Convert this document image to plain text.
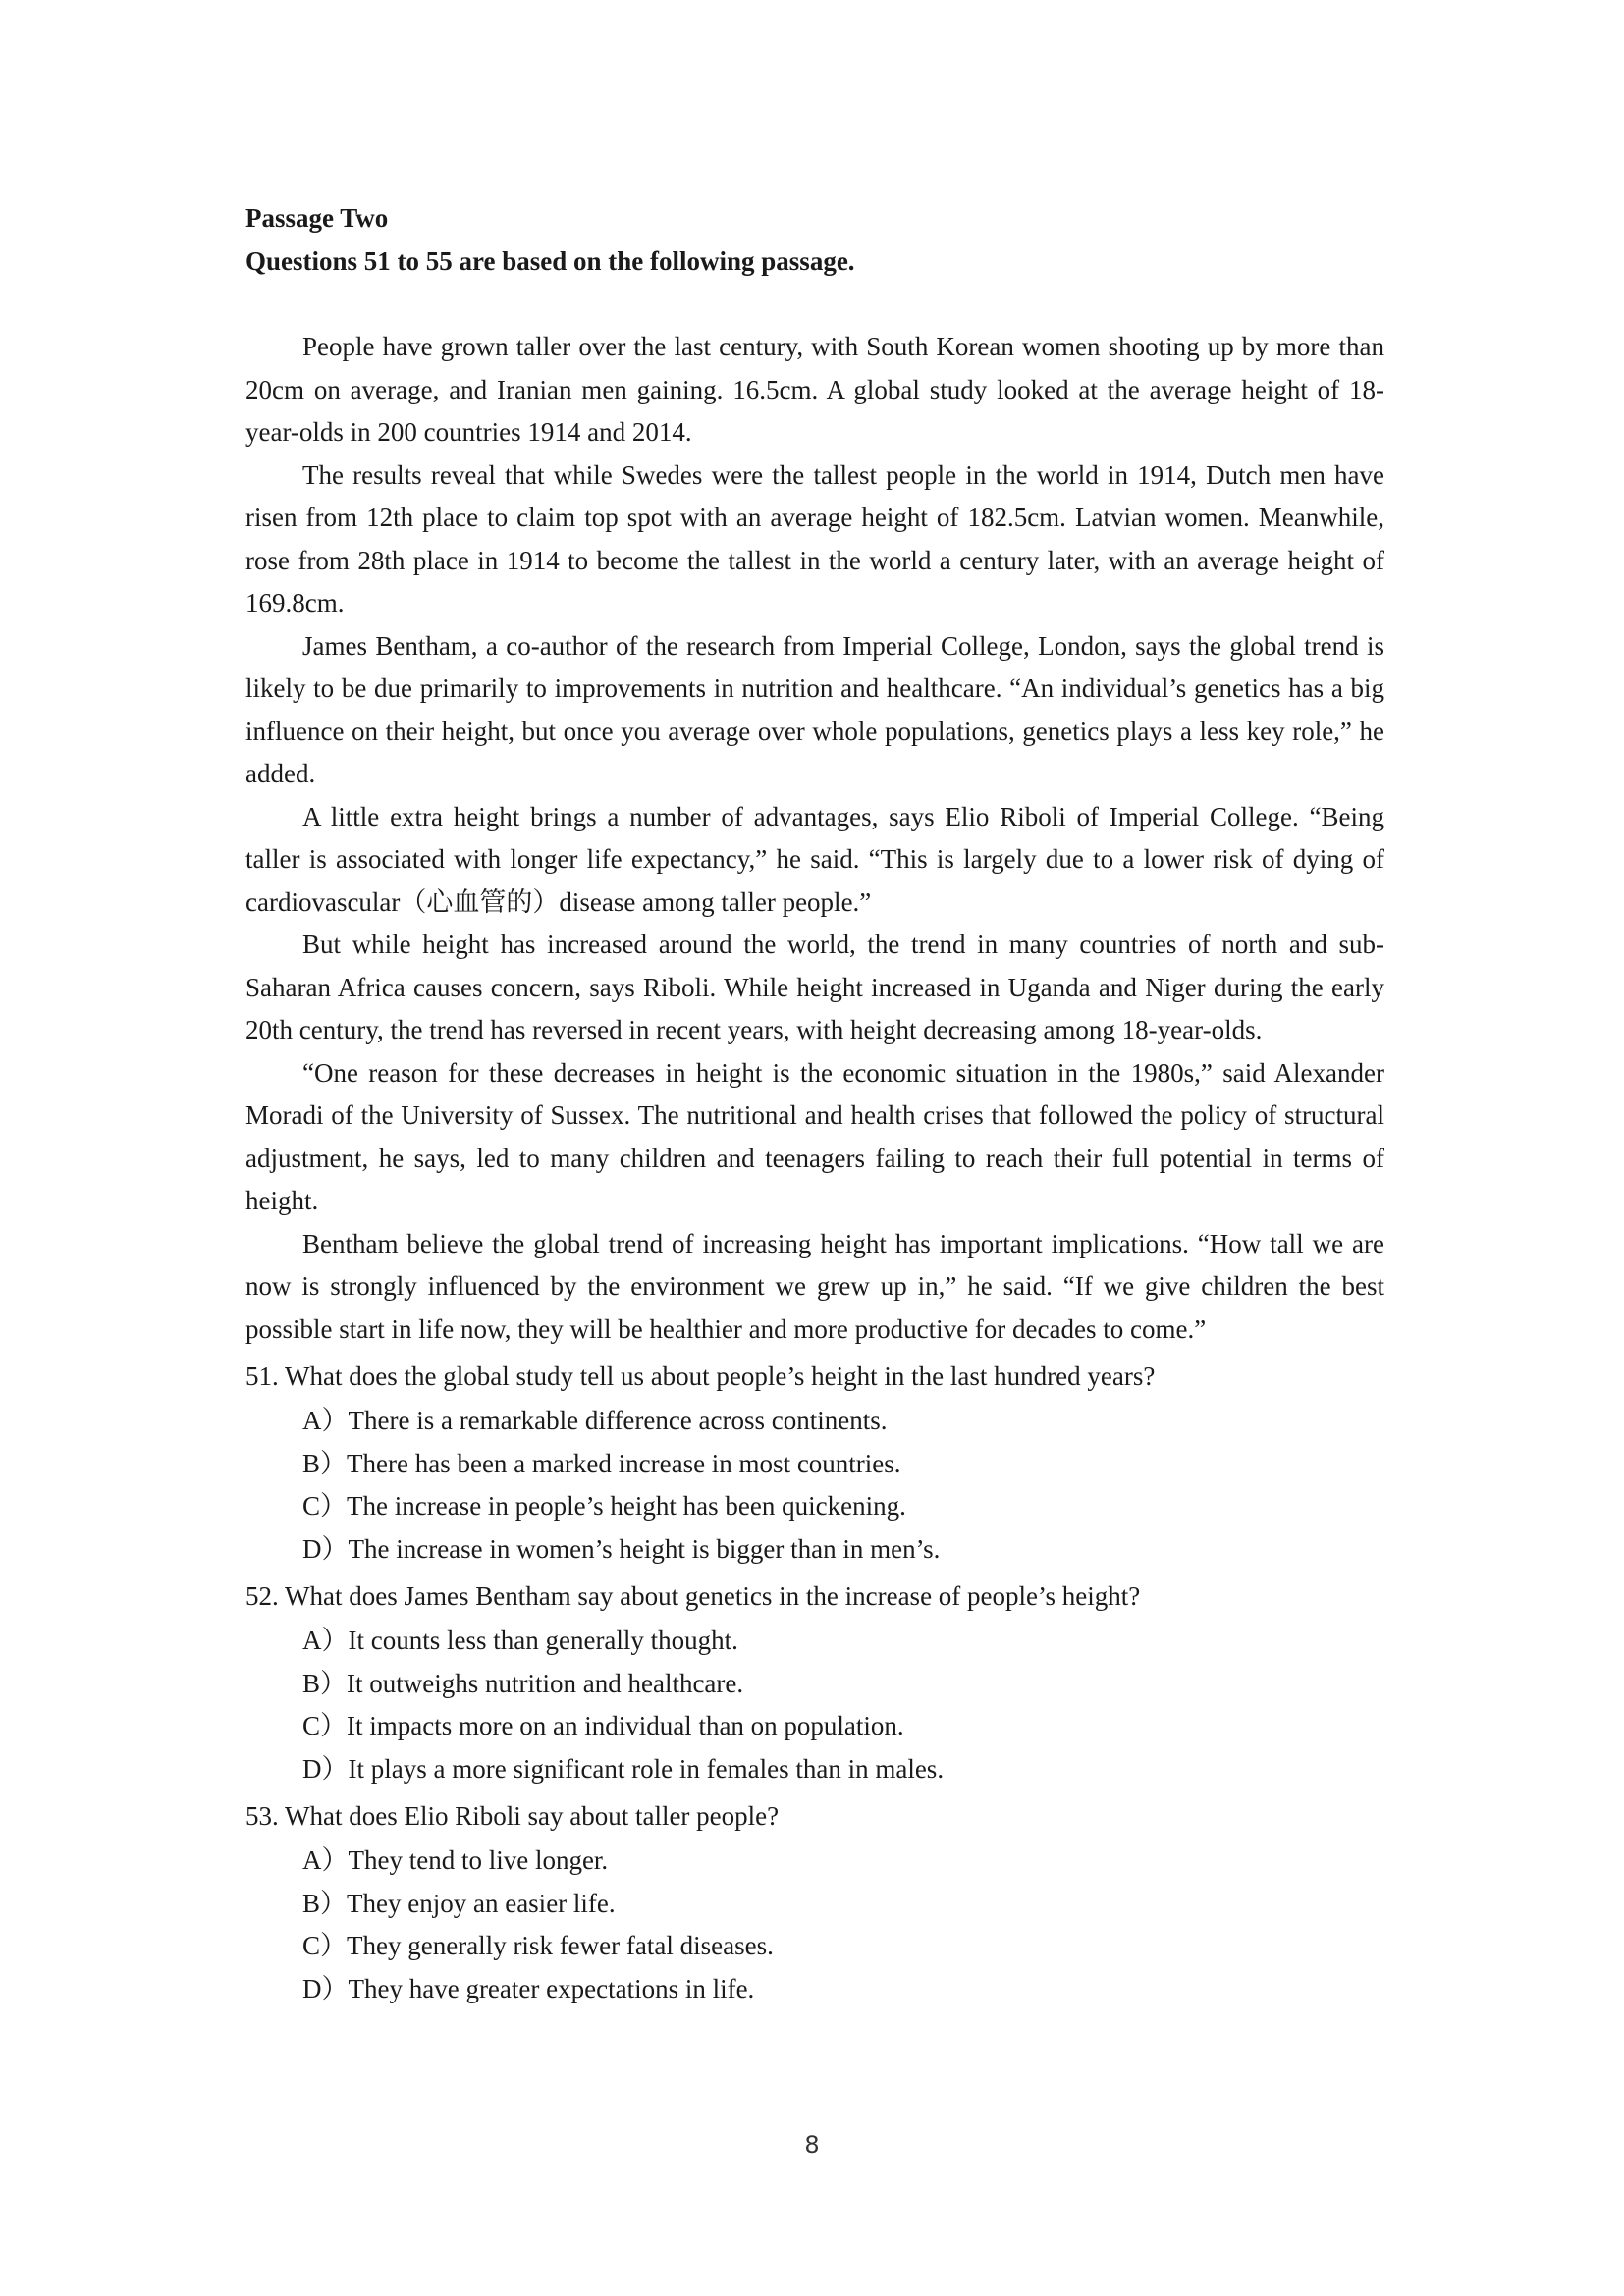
Passage Two

Questions 51 to 55 are based on the following passage.

People have grown taller over the last century, with South Korean women shooting up by more than 20cm on average, and Iranian men gaining. 16.5cm. A global study looked at the average height of 18-year-olds in 200 countries 1914 and 2014.

The results reveal that while Swedes were the tallest people in the world in 1914, Dutch men have risen from 12th place to claim top spot with an average height of 182.5cm. Latvian women. Meanwhile, rose from 28th place in 1914 to become the tallest in the world a century later, with an average height of 169.8cm.

James Bentham, a co-author of the research from Imperial College, London, says the global trend is likely to be due primarily to improvements in nutrition and healthcare. “An individual’s genetics has a big influence on their height, but once you average over whole populations, genetics plays a less key role,” he added.

A little extra height brings a number of advantages, says Elio Riboli of Imperial College. “Being taller is associated with longer life expectancy,” he said. “This is largely due to a lower risk of dying of cardiovascular（心血管的）disease among taller people.”

But while height has increased around the world, the trend in many countries of north and sub-Saharan Africa causes concern, says Riboli. While height increased in Uganda and Niger during the early 20th century, the trend has reversed in recent years, with height decreasing among 18-year-olds.

“One reason for these decreases in height is the economic situation in the 1980s,” said Alexander Moradi of the University of Sussex. The nutritional and health crises that followed the policy of structural adjustment, he says, led to many children and teenagers failing to reach their full potential in terms of height.

Bentham believe the global trend of increasing height has important implications. “How tall we are now is strongly influenced by the environment we grew up in,” he said. “If we give children the best possible start in life now, they will be healthier and more productive for decades to come.”

51. What does the global study tell us about people’s height in the last hundred years?

A）There is a remarkable difference across continents.
B）There has been a marked increase in most countries.
C）The increase in people’s height has been quickening.
D）The increase in women’s height is bigger than in men’s.

52. What does James Bentham say about genetics in the increase of people’s height?

A）It counts less than generally thought.
B）It outweighs nutrition and healthcare.
C）It impacts more on an individual than on population.
D）It plays a more significant role in females than in males.

53. What does Elio Riboli say about taller people?

A）They tend to live longer.
B）They enjoy an easier life.
C）They generally risk fewer fatal diseases.
D）They have greater expectations in life.
8
